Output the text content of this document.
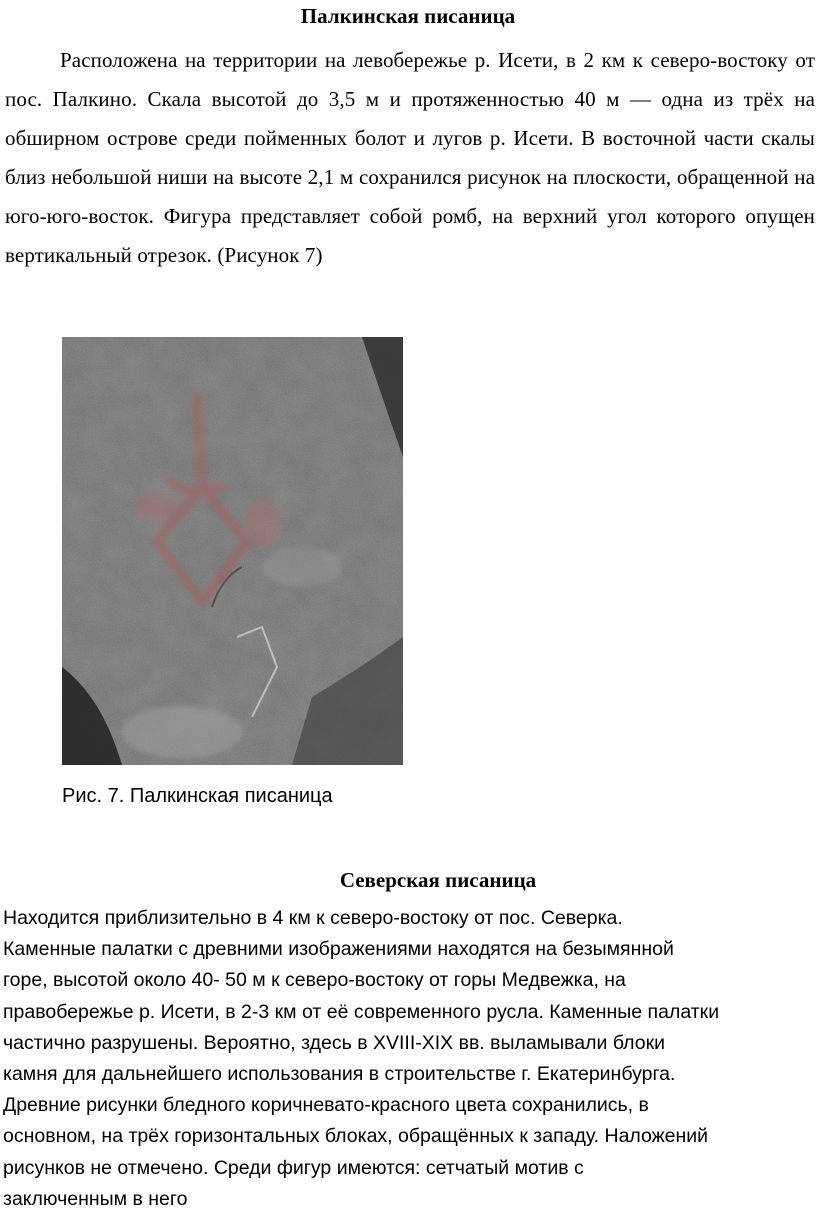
Палкинская писаница

Расположена на территории на левобережье р. Исети, в 2 км к северо-востоку от пос. Палкино. Скала высотой до 3,5 м и протяженностью 40 м — одна из трёх на обширном острове среди пойменных болот и лугов р. Исети. В восточной части скалы близ небольшой ниши на высоте 2,1 м сохранился рисунок на плоскости, обращенной на юго-юго-восток. Фигура представляет собой ромб, на верхний угол которого опущен вертикальный отрезок. (Рисунок 7)

Рис. 7. Палкинская писаница

Северская писаница
Находится приблизительно в 4 км к северо-востоку от пос. Северка.
Каменные палатки с древними изображениями находятся на безымянной
горе, высотой около 40- 50 м к северо-востоку от горы Медвежка, на
правобережье р. Исети, в 2-3 км от её современного русла. Каменные палатки
частично разрушены. Вероятно, здесь в XVIII-XIX вв. выламывали блоки
камня для дальнейшего использования в строительстве г. Екатеринбурга.
Древние рисунки бледного коричневато-красного цвета сохранились, в
основном, на трёх горизонтальных блоках, обращённых к западу. Наложений
рисунков не отмечено. Среди фигур имеются: сетчатый мотив с
заключенным в него
